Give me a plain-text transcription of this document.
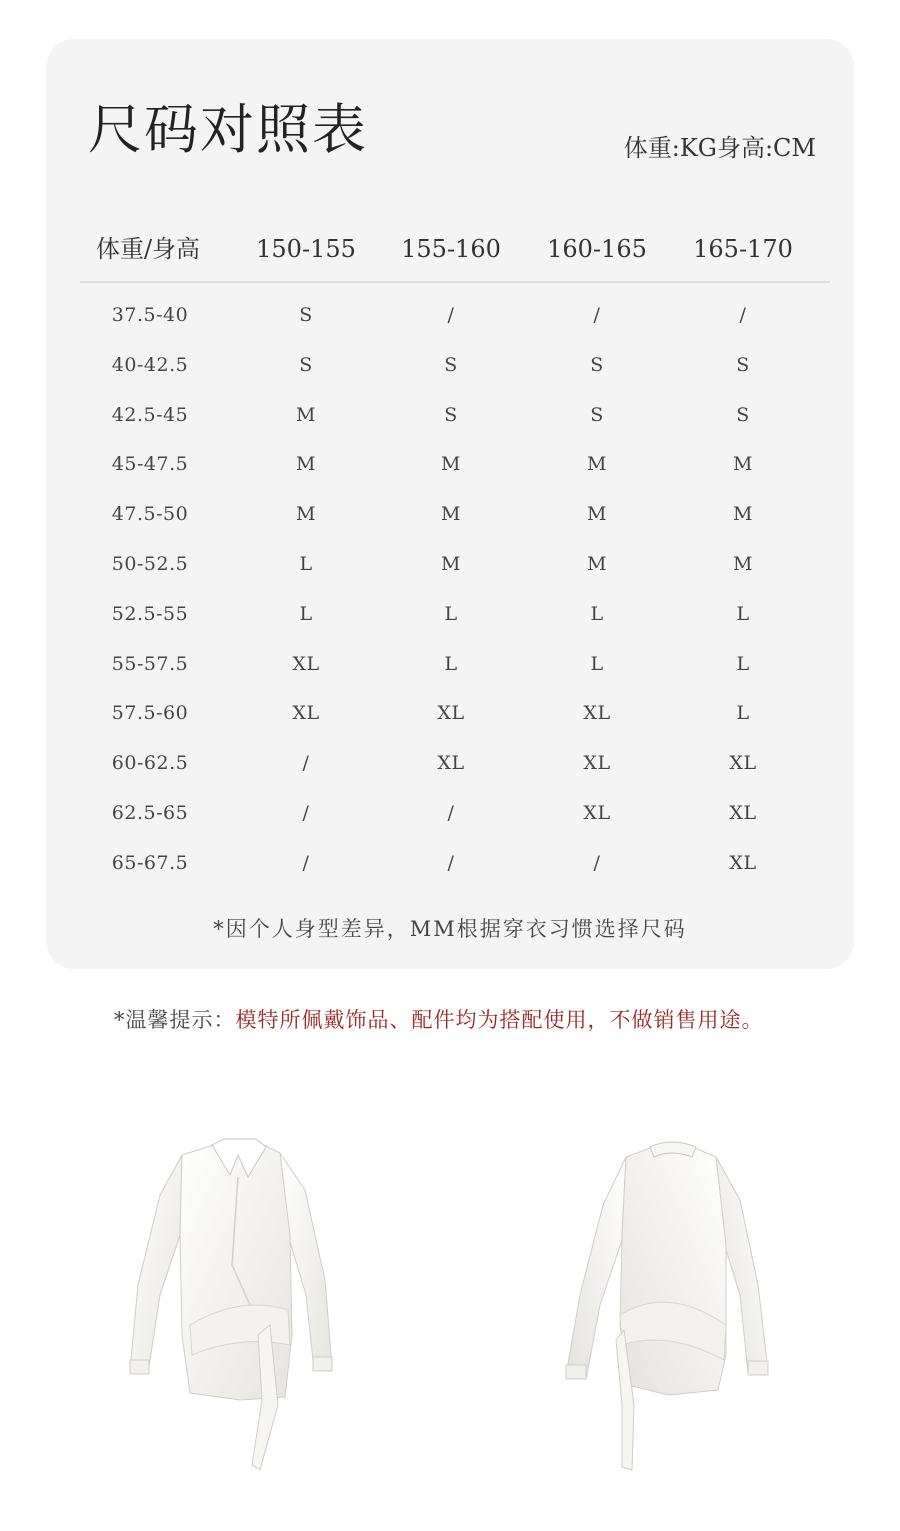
尺码对照表	体重:KG身高:CM
体重/身高 150-155 155-160 160-165 165-170
37.5-40	S	/	/	/
40-42.5	S	S	S	S
42.5-45	M	S	S	S
45-47.5	M	M	M	M
47.5-50	M	M	M	M
50-52.5	L	M	M	M
52.5-55	L	L	L	L
55-57.5	XL	L	L	L
57.5-60	XL	XL	XL	L
60-62.5	/	XL	XL	XL
62.5-65	/	/	XL	XL
65-67.5	/	/	/	XL
*因个人身型差异，MM根据穿衣习惯选择尺码
*温馨提示：模特所佩戴饰品、配件均为搭配使用，不做销售用途。
